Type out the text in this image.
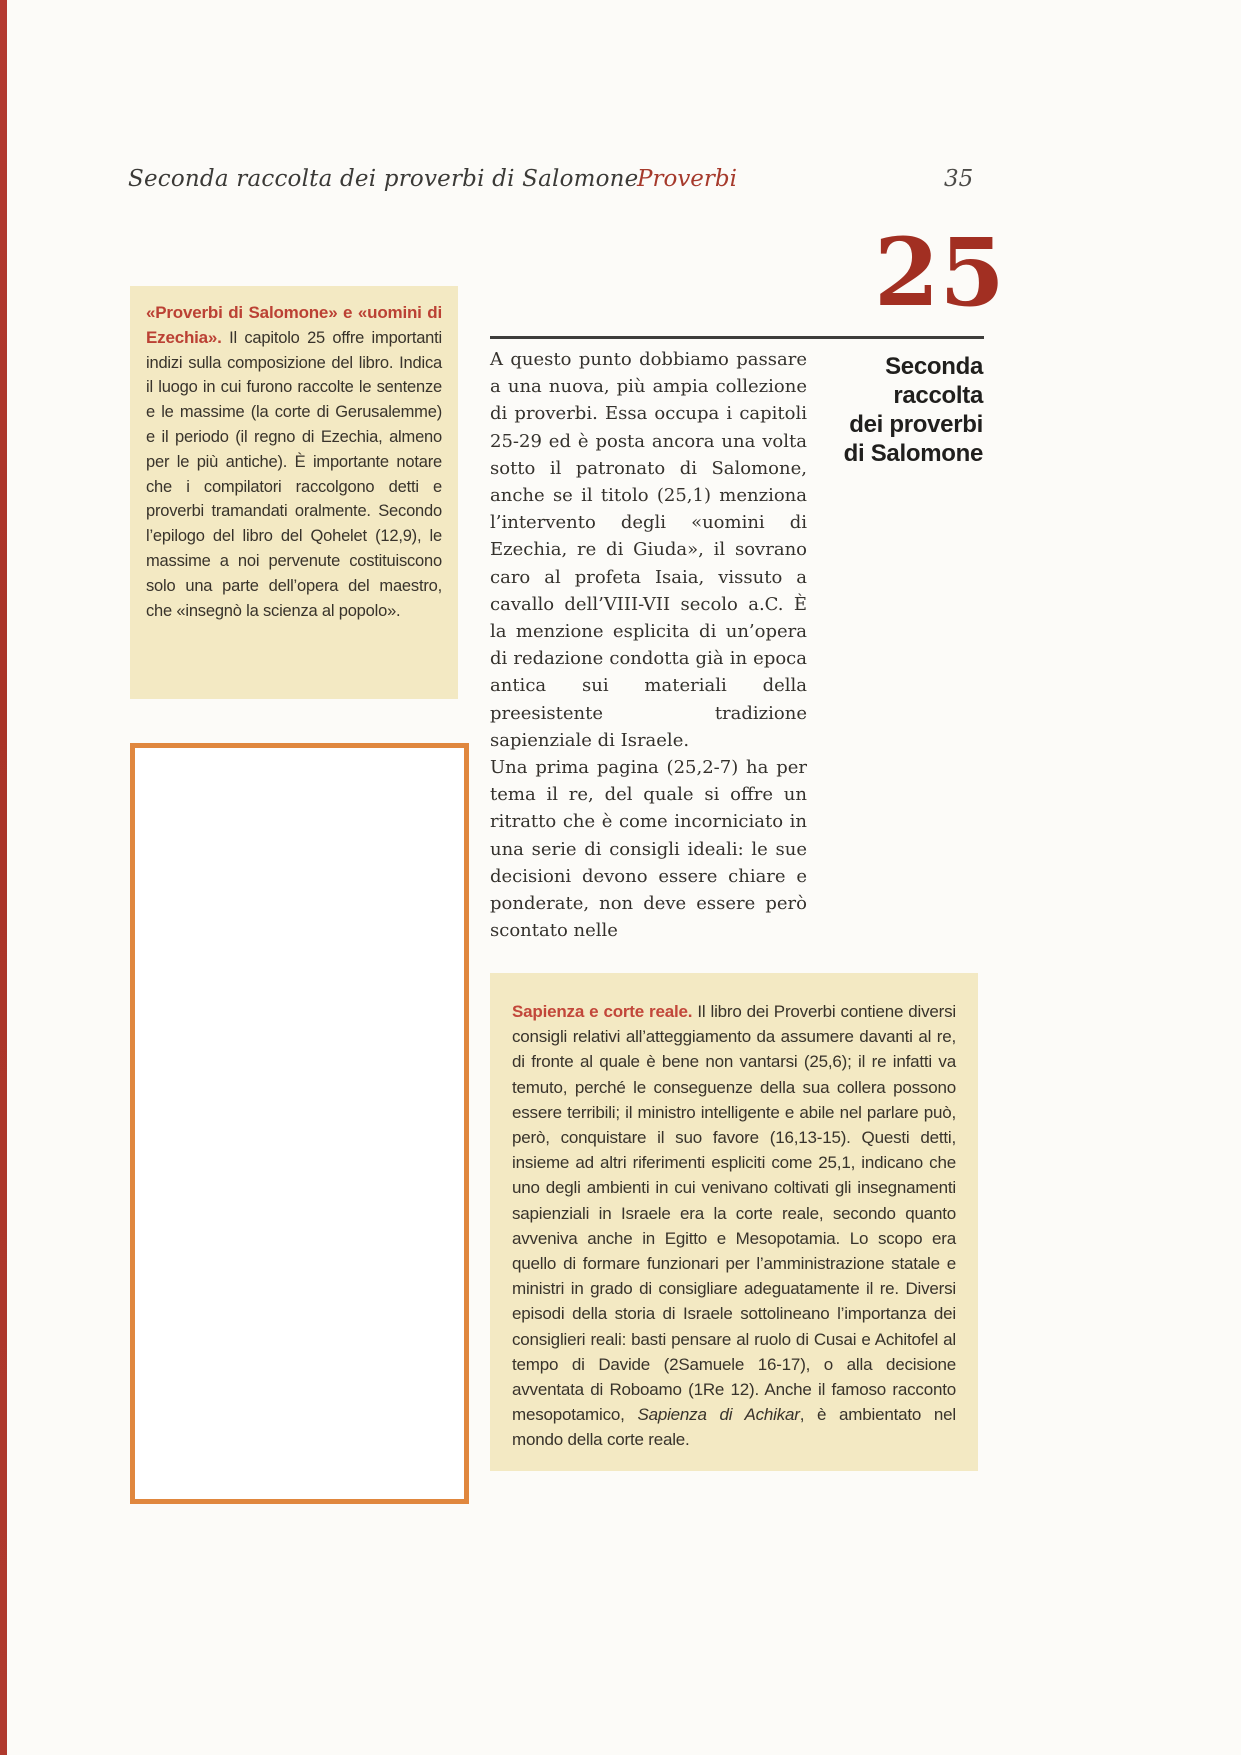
Seconda raccolta dei proverbi di Salomone
Proverbi	35
25
Seconda
raccolta
dei proverbi
di Salomone

«Proverbi di Salomone» e «uomini di Ezechia». Il capitolo 25 offre importanti indizi sulla composizione del libro. Indica il luogo in cui furono raccolte le sentenze e le massime (la corte di Gerusalemme) e il periodo (il regno di Ezechia, almeno per le più antiche). È importante notare che i compilatori raccolgono detti e proverbi tramandati oralmente. Secondo l’epilogo del libro del Qohelet (12,9), le massime a noi pervenute costituiscono solo una parte dell’opera del maestro, che «insegnò la scienza al popolo».

A questo punto dobbiamo passare a una nuova, più ampia collezione di proverbi. Essa occupa i capitoli 25-29 ed è posta ancora una volta sotto il patronato di Salomone, anche se il titolo (25,1) menziona l’intervento degli «uomini di Ezechia, re di Giuda», il sovrano caro al profeta Isaia, vissuto a cavallo dell’VIII-VII secolo a.C. È la menzione esplicita di un’opera di redazione condotta già in epoca antica sui materiali della preesistente tradizione sapienziale di Israele.

Una prima pagina (25,2-7) ha per tema il re, del quale si offre un ritratto che è come incorniciato in una serie di consigli ideali: le sue decisioni devono essere chiare e ponderate, non deve essere però scontato nelle

Sapienza e corte reale. Il libro dei Proverbi contiene diversi consigli relativi all’atteggiamento da assumere davanti al re, di fronte al quale è bene non vantarsi (25,6); il re infatti va temuto, perché le conseguenze della sua collera possono essere terribili; il ministro intelligente e abile nel parlare può, però, conquistare il suo favore (16,13-15). Questi detti, insieme ad altri riferimenti espliciti come 25,1, indicano che uno degli ambienti in cui venivano coltivati gli insegnamenti sapienziali in Israele era la corte reale, secondo quanto avveniva anche in Egitto e Mesopotamia. Lo scopo era quello di formare funzionari per l’amministrazione statale e ministri in grado di consigliare adeguatamente il re. Diversi episodi della storia di Israele sottolineano l’importanza dei consiglieri reali: basti pensare al ruolo di Cusai e Achitofel al tempo di Davide (2Samuele 16-17), o alla decisione avventata di Roboamo (1Re 12). Anche il famoso racconto mesopotamico, Sapienza di Achikar, è ambientato nel mondo della corte reale.
